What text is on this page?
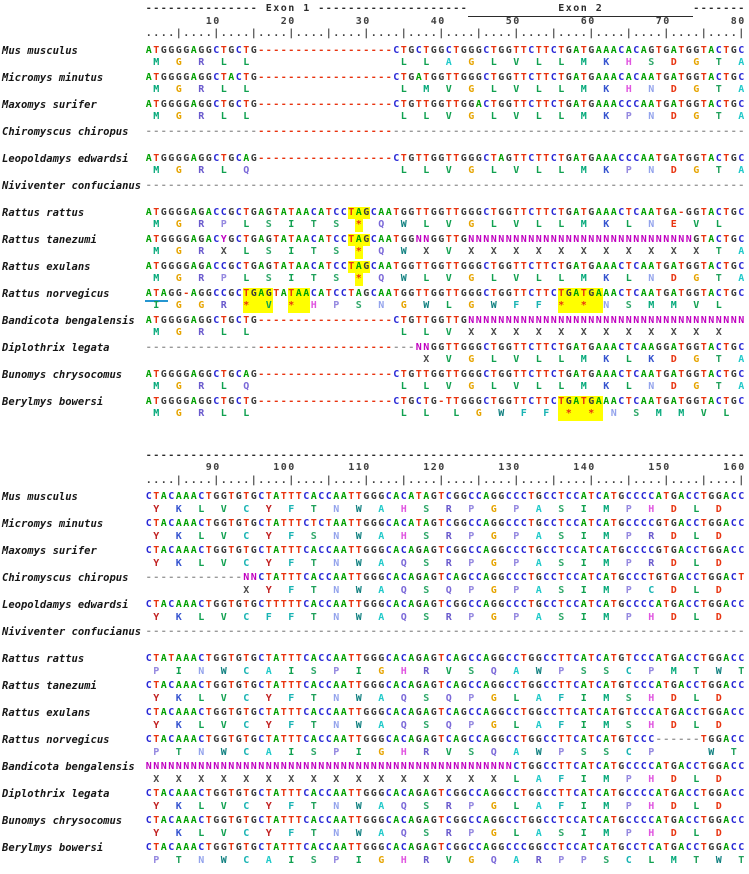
--------------- Exon 1 --------------------	Exon 2	-------
10	20	30	40	50	60	70	80
....|....|....|....|....|....|....|....|....|....|....|....|....|....|....|....|
Mus musculus	ATGGGGAGGCTGCTG------------------CTGCTGGCTGGGCTGGTTCTTCTGATGAAACACAGTGATGGTACTGC
M G R L L	L L A G L V L L M K H S D G T A
Micromys minutus	ATGGGGAGGCTACTG------------------CTGATGGTTGGGCTGGTTCTTCTGATGAAACACAATGATGGTACTGC
M G R L L	L M V G L V L L M K H N D G T A
Maxomys surifer	ATGGGGAGGCTGCTG------------------CTGTTGGTTGGACTGGTTCTTCTGATGAAACCCAATGATGGTACTGC
M G R L L	L L V G L V L L M K P N D G T A
Chiromyscus chiropus --------------------------------------------------------------------------------

Leopoldamys edwardsi ATGGGGAGGCTGCAG------------------CTGTTGGTTGGGCTAGTTCTTCTGATGAAACCCAATGATGGTACTGC
M G R L Q	L L V G L V L L M K P N D G T A
Niviventer confucianus --------------------------------------------------------------------------------

Rattus rattus	ATGGGGAGACCGCTGAGTATAACATCCTAGCAATGGTTGGTTGGGCTGGTTCTTCTGATGAAACTCAATGA-GGTACTGC
M G R P L S I T S * Q W L V G L V L L M K L N E V L
Rattus tanezumi	ATGGGGAGACYGCTGAGTATAACATCCTAGCAATGGNNGGTTGNNNNNNNNNNNNNNNNNNNNNNNNNNNNNNGTACTGC
M G R X L S I T S * Q W X V X X X X X X X X X X X T A
Rattus exulans	ATGGGGAGACCGCTGAGTATAACATCCTAGCAATGGTTGGTTGGGCTGGTTCTTCTGATGAAACTCAATGATGGTACTGC
M G R P L S I T S * Q W L V G L V L L M K L N D G T A
Rattus norvegicus	ATAGG-AGGCCGCTGAGTATAACATCCTAGCAATGGTTGGTTGGGCTGGTTCTTCTGATGAAACTCAATGATGGTACTGC
I G G R * V * H P S N G W L G W F F * * N S M M V L
Bandicota bengalensis ATGGGGAGGCTGCTG------------------CTGTTGGTTGNNNNNNNNNNNNNNNNNNNNNNNNNNNNNNNNNNNNN
M G R L L	L L V X X X X X X X X X X X X
Diplothrix legata	------------------------------------NNGGTTGGGCTGGTTCTTCTGATGAAACTCAAGGATGGTACTGC
X V G L V L L M K L K D G T A
Bunomys chrysocomus ATGGGGAGGCTGCAG------------------CTGTTGGTTGGGCTGGTTCTTCTGATGAAACTCAATGATGGTACTGC
M G R L Q	L L V G L V L L M K L N D G T A
Berylmys bowersi	ATGGGGAGGCTGCTG------------------CTGCTG-TTGGGCTGGTTCTTCTGATGAAACTCAATGATGGTACTGC
M G R L L	L L L G W F F * * N S M M V L
--------------------------------------------------------------------------------
90	100	110	120	130	140	150	160
....|....|....|....|....|....|....|....|....|....|....|....|....|....|....|....|
Mus musculus	CTACAAACTGGTGTGCTATTTCACCAATTGGGCACATAGTCGGCCAGGCCCTGCCTCCATCATGCCCCATGACCTGGACC
Y K L V C Y F T N W A H S R P G P A S I M P H D L D
Micromys minutus	CTACAAACTGGTGTGCTATTTCTCTAATTGGGCACATAGTCGGCCAGGCCCTGCCTCCATCATGCCCCGTGACCTGGACC
Y K L V C Y F S N W A H S R P G P A S I M P R D L D
Maxomys surifer	CTACAAACTGGTGTGCTATTTCACCAATTGGGCACAGAGTCGGCCAGGCCCTGCCTCCATCATGCCCCGTGACCTGGACC
Y K L V C Y F T N W A Q S R P G P A S I M P R D L D
Chiromyscus chiropus -------------NNCTATTTCACCAATTGGGCACAGAGTCAGCCAGGCCCTGCCTCCATCATGCCCTGTGACCTGGACT
X Y F T N W A Q S Q P G P A S I M P C D L D
Leopoldamys edwardsi CTACAAACTGGTGTGCTTTTTCACCAATTGGGCACAGAGTCGGCCAGGCCCTGCCTCCATCATGCCCCATGACCTGGACC
Y K L V C F F T N W A Q S R P G P A S I M P H D L D
Niviventer confucianus --------------------------------------------------------------------------------

Rattus rattus	CTATAAACTGGTGTGCTATTTCACCAATTGGGCACAGAGTCAGCCAGGCCTGGCCTTCATCATGTCCCATGACCTGGACC
P I N W C A I S P I G H R V S Q A W P S S C P M T W T
Rattus tanezumi	CTACAAACTGGTGTGCTATTTCACCAATTGGGCACAGAGTCAGCCAGGCCTGGCCTTCATCATGTCCCATGACCTGGACC
Y K L V C Y F T N W A Q S Q P G L A F I M S H D L D
Rattus exulans	CTACAAACTGGTGTGCTATTTCACCAATTGGGCACAGAGTCAGCCAGGCCTGGCCTTCATCATGTCCCATGACCTGGACC
Y K L V C Y F T N W A Q S Q P G L A F I M S H D L D
Rattus norvegicus	CTACAAACTGGTGTGCTATTTCACCAATTGGGCACAGAGTCAGCCAGGCCTGGCCTTCATCATGTCCC------TGGACC
P T N W C A I S P I G H R V S Q A W P S S C P	W T
Bandicota bengalensis NNNNNNNNNNNNNNNNNNNNNNNNNNNNNNNNNNNNNNNNNNNNNNNNNCTGGCCTTCATCATGCCCCATGACCTGGACC
X X X X X X X X X X X X X X X X L A F I M P H D L D
Diplothrix legata	CTACAAACTGGTGTGCTATTTCACCAATTGGGCACAGAGTCGGCCAGGCCTGGCCTTCATCATGCCCCATGACCTGGACC
Y K L V C Y F T N W A Q S R P G L A F I M P H D L D
Bunomys chrysocomus CTACAAACTGGTGTGCTATTTCACCAATTGGGCACAGAGTCGGCCAGGCCTGGCCTCCATCATGCCCCATGACCTGGACC
Y K L V C Y F T N W A Q S R P G L A S I M P H D L D
Berylmys bowersi	CTACAAACTGGTGTGCTATTTCACCAATTGGGCACAGAGTCGGCCAGGCCCGGCCTCCATCATGCCTCATGACCTGGACC
P T N W C A I S P I G H R V G Q A R P P S C L M T W T
